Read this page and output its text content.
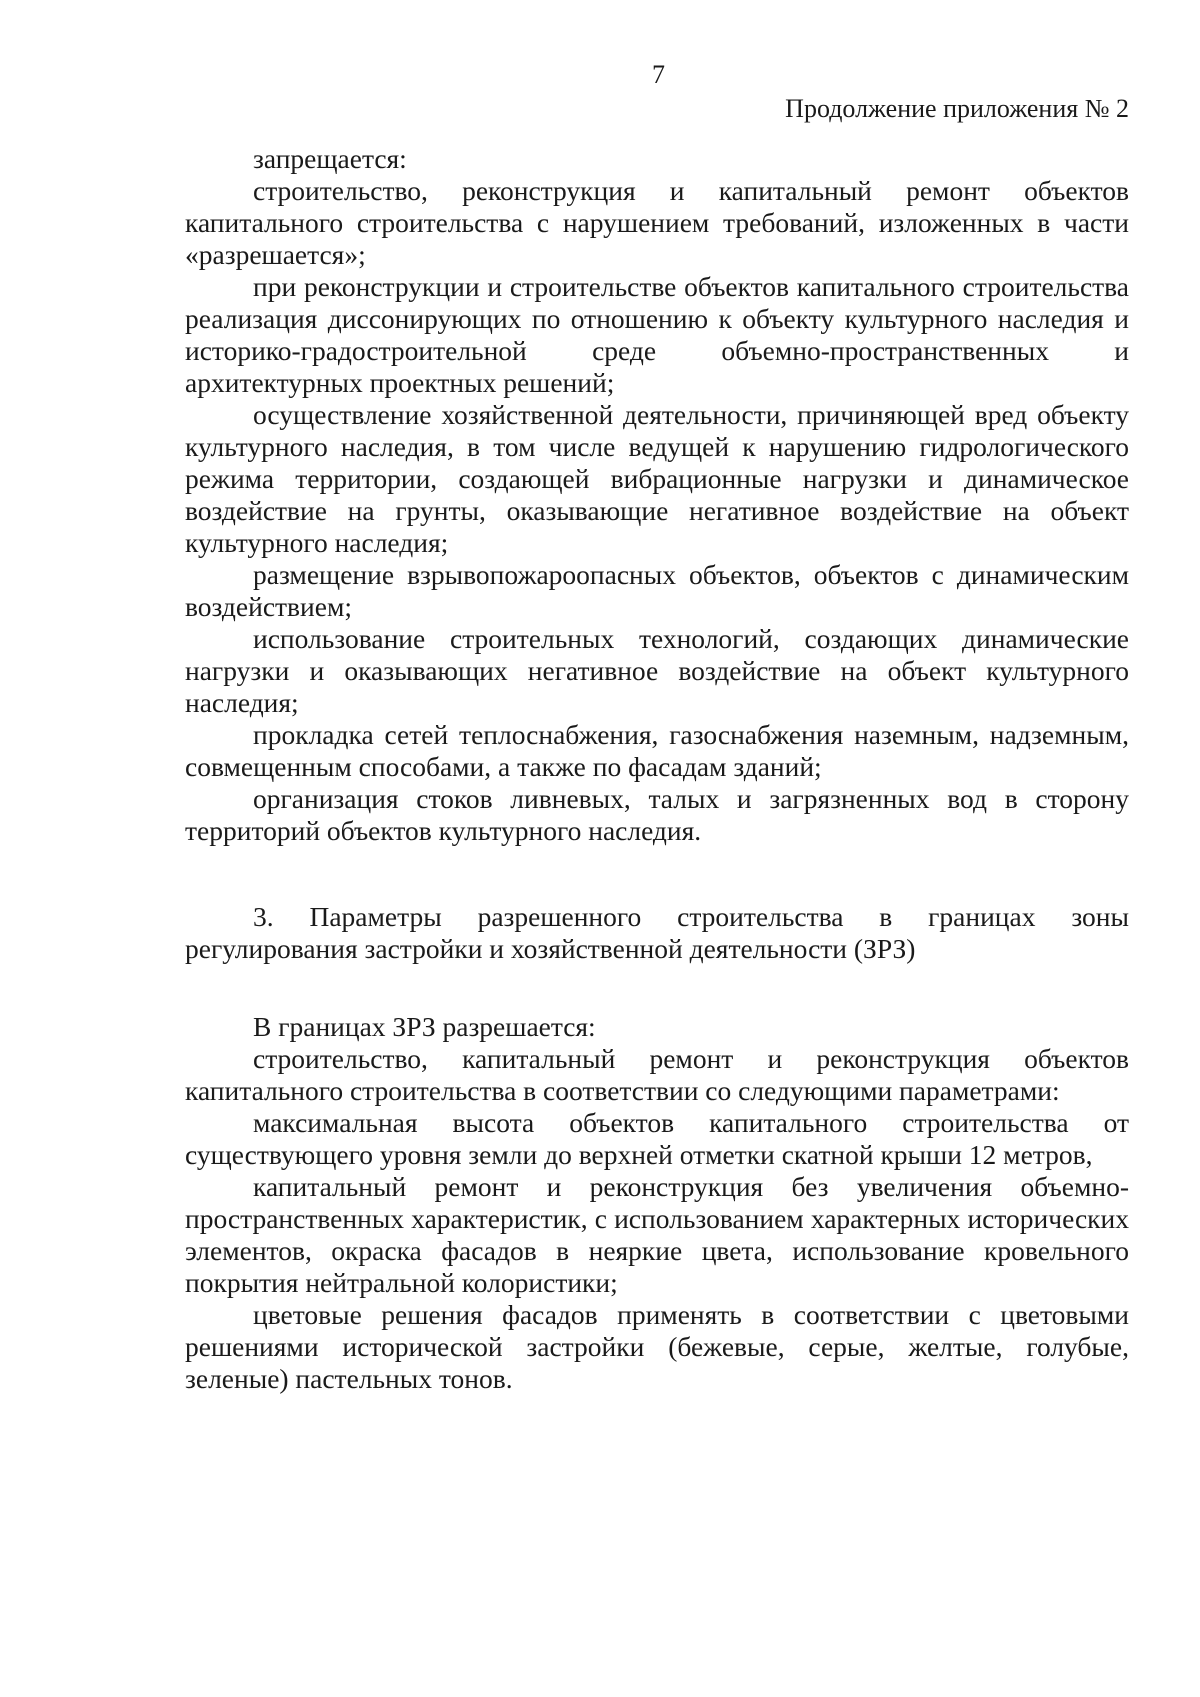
7
Продолжение приложения № 2

запрещается:

строительство, реконструкция и капитальный ремонт объектов капитального строительства с нарушением требований, изложенных в части «разрешается»;

при реконструкции и строительстве объектов капитального строительства реализация диссонирующих по отношению к объекту культурного наследия и историко-градостроительной среде объемно-пространственных и архитектурных проектных решений;

осуществление хозяйственной деятельности, причиняющей вред объекту культурного наследия, в том числе ведущей к нарушению гидрологического режима территории, создающей вибрационные нагрузки и динамическое воздействие на грунты, оказывающие негативное воздействие на объект культурного наследия;

размещение взрывопожароопасных объектов, объектов с динамическим воздействием;

использование строительных технологий, создающих динамические нагрузки и оказывающих негативное воздействие на объект культурного наследия;

прокладка сетей теплоснабжения, газоснабжения наземным, надземным, совмещенным способами, а также по фасадам зданий;

организация стоков ливневых, талых и загрязненных вод в сторону территорий объектов культурного наследия.

3. Параметры разрешенного строительства в границах зоны регулирования застройки и хозяйственной деятельности (ЗРЗ)

В границах ЗРЗ разрешается:

строительство, капитальный ремонт и реконструкция объектов капитального строительства в соответствии со следующими параметрами:

максимальная высота объектов капитального строительства от существующего уровня земли до верхней отметки скатной крыши 12 метров,

капитальный ремонт и реконструкция без увеличения объемно-пространственных характеристик, с использованием характерных исторических элементов, окраска фасадов в неяркие цвета, использование кровельного покрытия нейтральной колористики;

цветовые решения фасадов применять в соответствии с цветовыми решениями исторической застройки (бежевые, серые, желтые, голубые, зеленые) пастельных тонов.
